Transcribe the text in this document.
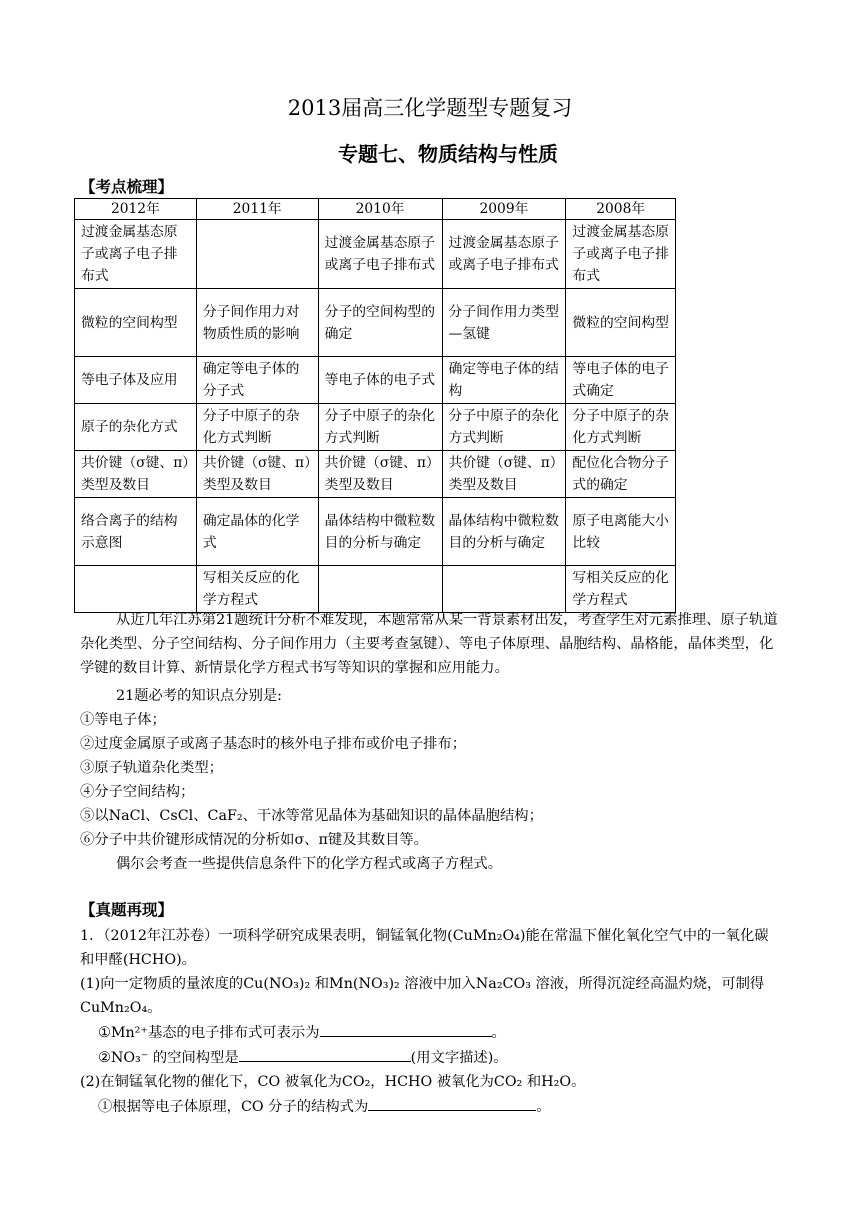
2013届高三化学题型专题复习
专题七、物质结构与性质
【考点梳理】
2012年	2011年	2010年	2009年	2008年
过渡金属基态原子或离子电子排布式		过渡金属基态原子或离子电子排布式	过渡金属基态原子或离子电子排布式	过渡金属基态原子或离子电子排布式
微粒的空间构型	分子间作用力对物质性质的影响	分子的空间构型的确定	分子间作用力类型—氢键	微粒的空间构型
等电子体及应用	确定等电子体的分子式	等电子体的电子式	确定等电子体的结构	等电子体的电子式确定
原子的杂化方式	分子中原子的杂化方式判断	分子中原子的杂化方式判断	分子中原子的杂化方式判断	分子中原子的杂化方式判断
共价键（σ键、π）类型及数目	共价键（σ键、π）类型及数目	共价键（σ键、π）类型及数目	共价键（σ键、π）类型及数目	配位化合物分子式的确定
络合离子的结构示意图	确定晶体的化学式	晶体结构中微粒数目的分析与确定	晶体结构中微粒数目的分析与确定	原子电离能大小比较
	写相关反应的化学方程式			写相关反应的化学方程式

从近几年江苏第21题统计分析不难发现，本题常常从某一背景素材出发，考查学生对元素推理、原子轨道杂化类型、分子空间结构、分子间作用力（主要考查氢键）、等电子体原理、晶胞结构、晶格能，晶体类型，化学键的数目计算、新情景化学方程式书写等知识的掌握和应用能力。

21题必考的知识点分别是:

①等电子体；

②过度金属原子或离子基态时的核外电子排布或价电子排布；

③原子轨道杂化类型；

④分子空间结构；

⑤以NaCl、CsCl、CaF₂、干冰等常见晶体为基础知识的晶体晶胞结构；

⑥分子中共价键形成情况的分析如σ、π键及其数目等。

偶尔会考查一些提供信息条件下的化学方程式或离子方程式。

【真题再现】

1．（2012年江苏卷）一项科学研究成果表明，铜锰氧化物(CuMn₂O₄)能在常温下催化氧化空气中的一氧化碳和甲醛(HCHO)。

(1)向一定物质的量浓度的Cu(NO₃)₂ 和Mn(NO₃)₂ 溶液中加入Na₂CO₃ 溶液，所得沉淀经高温灼烧，可制得CuMn₂O₄。

①Mn²⁺基态的电子排布式可表示为	。

②NO₃⁻ 的空间构型是	(用文字描述)。

(2)在铜锰氧化物的催化下，CO 被氧化为CO₂，HCHO 被氧化为CO₂ 和H₂O。

①根据等电子体原理，CO 分子的结构式为	。
